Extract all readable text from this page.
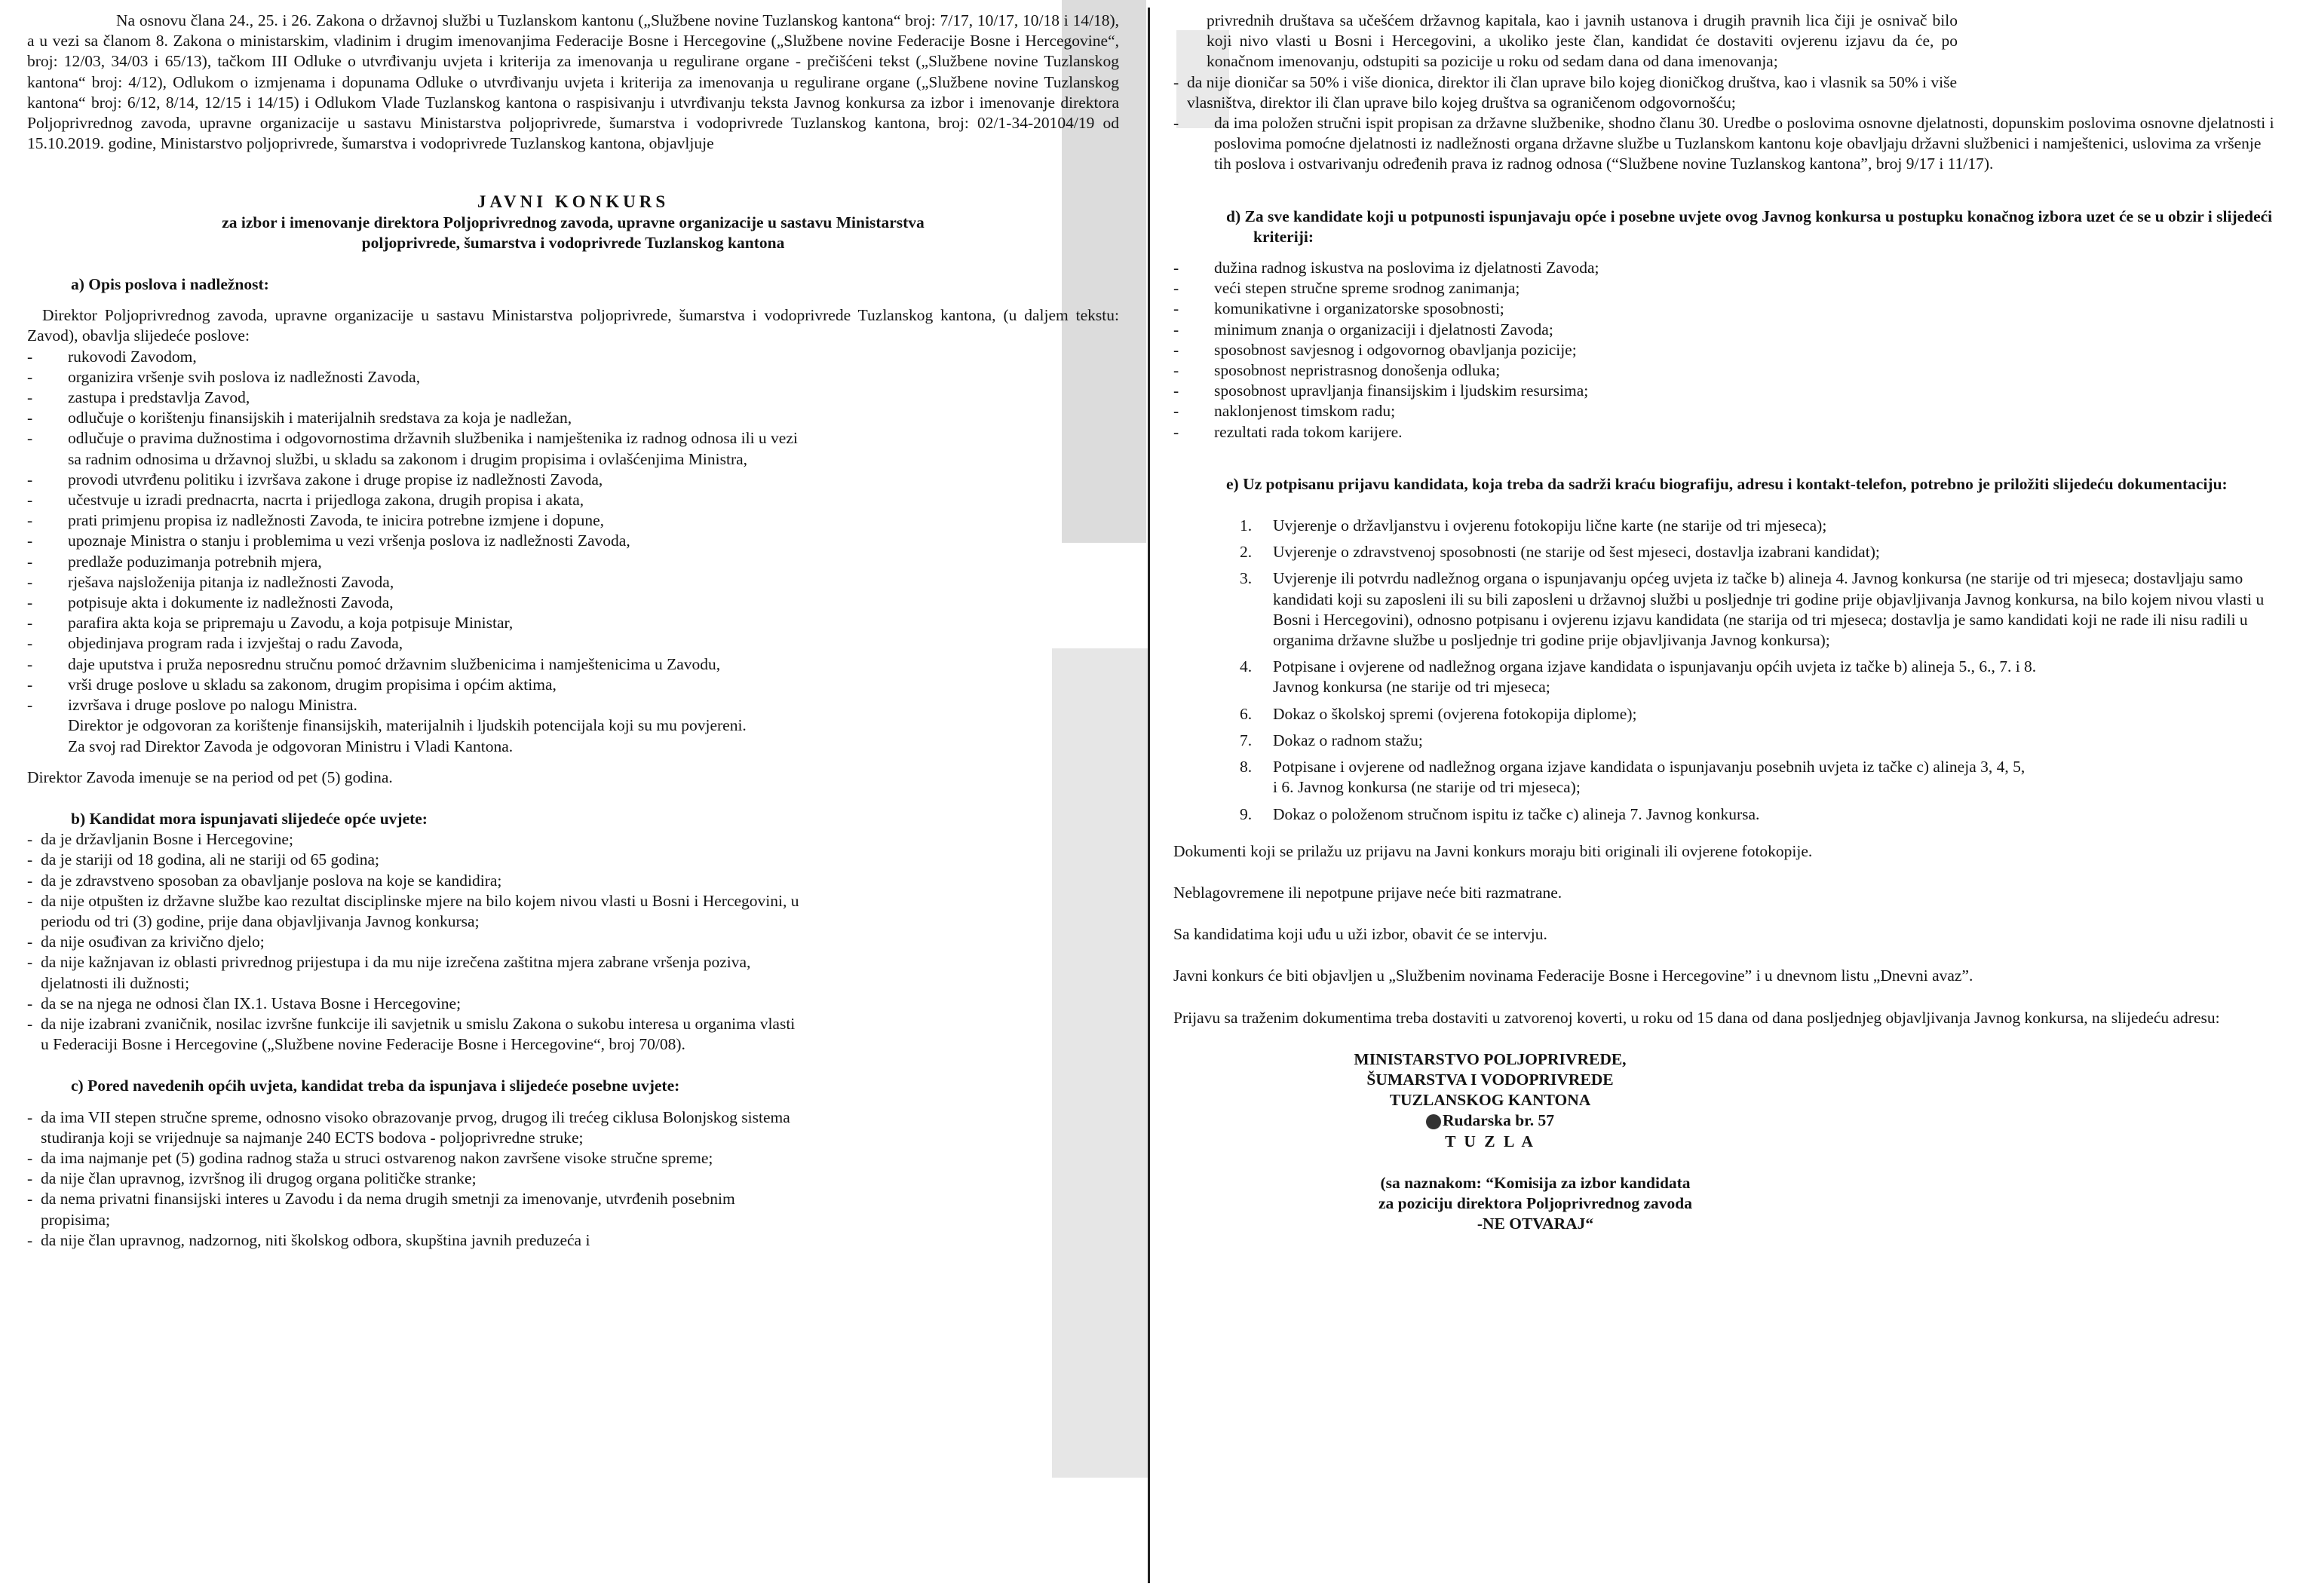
Na osnovu člana 24., 25. i 26. Zakona o državnoj službi u Tuzlanskom kantonu („Službene novine Tuzlanskog kantona“ broj: 7/17, 10/17, 10/18 i 14/18), a u vezi sa članom 8. Zakona o ministarskim, vladinim i drugim imenovanjima Federacije Bosne i Hercegovine („Službene novine Federacije Bosne i Hercegovine“, broj: 12/03, 34/03 i 65/13), tačkom III Odluke o utvrđivanju uvjeta i kriterija za imenovanja u regulirane organe - prečišćeni tekst („Službene novine Tuzlanskog kantona“ broj: 4/12), Odlukom o izmjenama i dopunama Odluke o utvrđivanju uvjeta i kriterija za imenovanja u regulirane organe („Službene novine Tuzlanskog kantona“ broj: 6/12, 8/14, 12/15 i 14/15) i Odlukom Vlade Tuzlanskog kantona o raspisivanju i utvrđivanju teksta Javnog konkursa za izbor i imenovanje direktora Poljoprivrednog zavoda, upravne organizacije u sastavu Ministarstva poljoprivrede, šumarstva i vodoprivrede Tuzlanskog kantona, broj: 02/1-34-20104/19 od 15.10.2019. godine, Ministarstvo poljoprivrede, šumarstva i vodoprivrede Tuzlanskog kantona, objavljuje

JAVNI KONKURS
za izbor i imenovanje direktora Poljoprivrednog zavoda, upravne organizacije u sastavu Ministarstva poljoprivrede, šumarstva i vodoprivrede Tuzlanskog kantona
a) Opis poslova i nadležnost:

Direktor Poljoprivrednog zavoda, upravne organizacije u sastavu Ministarstva poljoprivrede, šumarstva i vodoprivrede Tuzlanskog kantona, (u daljem tekstu: Zavod), obavlja slijedeće poslove:

- rukovodi Zavodom,
- organizira vršenje svih poslova iz nadležnosti Zavoda,
- zastupa i predstavlja Zavod,
- odlučuje o korištenju finansijskih i materijalnih sredstava za koja je nadležan,
- odlučuje o pravima dužnostima i odgovornostima državnih službenika i namještenika iz radnog odnosa ili u vezi sa radnim odnosima u državnoj službi, u skladu sa zakonom i drugim propisima i ovlašćenjima Ministra,
- provodi utvrđenu politiku i izvršava zakone i druge propise iz nadležnosti Zavoda,
- učestvuje u izradi prednacrta, nacrta i prijedloga zakona, drugih propisa i akata,
- prati primjenu propisa iz nadležnosti Zavoda, te inicira potrebne izmjene i dopune,
- upoznaje Ministra o stanju i problemima u vezi vršenja poslova iz nadležnosti Zavoda,
- predlaže poduzimanja potrebnih mjera,
- rješava najsloženija pitanja iz nadležnosti Zavoda,
- potpisuje akta i dokumente iz nadležnosti Zavoda,
- parafira akta koja se pripremaju u Zavodu, a koja potpisuje Ministar,
- objedinjava program rada i izvještaj o radu Zavoda,
- daje uputstva i pruža neposrednu stručnu pomoć državnim službenicima i namještenicima u Zavodu,
- vrši druge poslove u skladu sa zakonom, drugim propisima i općim aktima,
- izvršava i druge poslove po nalogu Ministra.

Direktor je odgovoran za korištenje finansijskih, materijalnih i ljudskih potencijala koji su mu povjereni.

Za svoj rad Direktor Zavoda je odgovoran Ministru i Vladi Kantona.

Direktor Zavoda imenuje se na period od pet (5) godina.

b) Kandidat mora ispunjavati slijedeće opće uvjete:
- da je državljanin Bosne i Hercegovine;
- da je stariji od 18 godina, ali ne stariji od 65 godina;
- da je zdravstveno sposoban za obavljanje poslova na koje se kandidira;
- da nije otpušten iz državne službe kao rezultat disciplinske mjere na bilo kojem nivou vlasti u Bosni i Hercegovini, u periodu od tri (3) godine, prije dana objavljivanja Javnog konkursa;
- da nije osuđivan za krivično djelo;
- da nije kažnjavan iz oblasti privrednog prijestupa i da mu nije izrečena zaštitna mjera zabrane vršenja poziva, djelatnosti ili dužnosti;
- da se na njega ne odnosi član IX.1. Ustava Bosne i Hercegovine;
- da nije izabrani zvaničnik, nosilac izvršne funkcije ili savjetnik u smislu Zakona o sukobu interesa u organima vlasti u Federaciji Bosne i Hercegovine („Službene novine Federacije Bosne i Hercegovine“, broj 70/08).
c) Pored navedenih općih uvjeta, kandidat treba da ispunjava i slijedeće posebne uvjete:
- da ima VII stepen stručne spreme, odnosno visoko obrazovanje prvog, drugog ili trećeg ciklusa Bolonjskog sistema studiranja koji se vrijednuje sa najmanje 240 ECTS bodova - poljoprivredne struke;
- da ima najmanje pet (5) godina radnog staža u struci ostvarenog nakon završene visoke stručne spreme;
- da nije član upravnog, izvršnog ili drugog organa političke stranke;
- da nema privatni finansijski interes u Zavodu i da nema drugih smetnji za imenovanje, utvrđenih posebnim propisima;
- da nije član upravnog, nadzornog, niti školskog odbora, skupština javnih preduzeća i

privrednih društava sa učešćem državnog kapitala, kao i javnih ustanova i drugih pravnih lica čiji je osnivač bilo koji nivo vlasti u Bosni i Hercegovini, a ukoliko jeste član, kandidat će dostaviti ovjerenu izjavu da će, po konačnom imenovanju, odstupiti sa pozicije u roku od sedam dana od dana imenovanja;

- da nije dioničar sa 50% i više dionica, direktor ili član uprave bilo kojeg dioničkog društva, kao i vlasnik sa 50% i više vlasništva, direktor ili član uprave bilo kojeg društva sa ograničenom odgovornošću;
- da ima položen stručni ispit propisan za državne službenike, shodno članu 30. Uredbe o poslovima osnovne djelatnosti, dopunskim poslovima osnovne djelatnosti i poslovima pomoćne djelatnosti iz nadležnosti organa državne službe u Tuzlanskom kantonu koje obavljaju državni službenici i namještenici, uslovima za vršenje tih poslova i ostvarivanju određenih prava iz radnog odnosa (“Službene novine Tuzlanskog kantona”, broj 9/17 i 11/17).
d) Za sve kandidate koji u potpunosti ispunjavaju opće i posebne uvjete ovog Javnog konkursa u postupku konačnog izbora uzet će se u obzir i slijedeći kriteriji:
- dužina radnog iskustva na poslovima iz djelatnosti Zavoda;
- veći stepen stručne spreme srodnog zanimanja;
- komunikativne i organizatorske sposobnosti;
- minimum znanja o organizaciji i djelatnosti Zavoda;
- sposobnost savjesnog i odgovornog obavljanja pozicije;
- sposobnost nepristrasnog donošenja odluka;
- sposobnost upravljanja finansijskim i ljudskim resursima;
- naklonjenost timskom radu;
- rezultati rada tokom karijere.
e) Uz potpisanu prijavu kandidata, koja treba da sadrži kraću biografiju, adresu i kontakt-telefon, potrebno je priložiti slijedeću dokumentaciju:
1. Uvjerenje o državljanstvu i ovjerenu fotokopiju lične karte (ne starije od tri mjeseca);
2. Uvjerenje o zdravstvenoj sposobnosti (ne starije od šest mjeseci, dostavlja izabrani kandidat);
3. Uvjerenje ili potvrdu nadležnog organa o ispunjavanju općeg uvjeta iz tačke b) alineja 4. Javnog konkursa (ne starije od tri mjeseca; dostavljaju samo kandidati koji su zaposleni ili su bili zaposleni u državnoj službi u posljednje tri godine prije objavljivanja Javnog konkursa, na bilo kojem nivou vlasti u Bosni i Hercegovini), odnosno potpisanu i ovjerenu izjavu kandidata (ne starija od tri mjeseca; dostavlja je samo kandidati koji ne rade ili nisu radili u organima državne službe u posljednje tri godine prije objavljivanja Javnog konkursa);
4. Potpisane i ovjerene od nadležnog organa izjave kandidata o ispunjavanju općih uvjeta iz tačke b) alineja 5., 6., 7. i 8. Javnog konkursa (ne starije od tri mjeseca;
6. Dokaz o školskoj spremi (ovjerena fotokopija diplome);
7. Dokaz o radnom stažu;
8. Potpisane i ovjerene od nadležnog organa izjave kandidata o ispunjavanju posebnih uvjeta iz tačke c) alineja 3, 4, 5, i 6. Javnog konkursa (ne starije od tri mjeseca);
9. Dokaz o položenom stručnom ispitu iz tačke c) alineja 7. Javnog konkursa.

Dokumenti koji se prilažu uz prijavu na Javni konkurs moraju biti originali ili ovjerene fotokopije.

Neblagovremene ili nepotpune prijave neće biti razmatrane.

Sa kandidatima koji uđu u uži izbor, obavit će se intervju.

Javni konkurs će biti objavljen u „Službenim novinama Federacije Bosne i Hercegovine” i u dnevnom listu „Dnevni avaz”.

Prijavu sa traženim dokumentima treba dostaviti u zatvorenoj koverti, u roku od 15 dana od dana posljednjeg objavljivanja Javnog konkursa, na slijedeću adresu:

MINISTARSTVO POLJOPRIVREDE,
ŠUMARSTVA I VODOPRIVREDE
TUZLANSKOG KANTONA
Rudarska br. 57
T U Z L A
(sa naznakom: “Komisija za izbor kandidata
za poziciju direktora Poljoprivrednog zavoda
-NE OTVARAJ“
